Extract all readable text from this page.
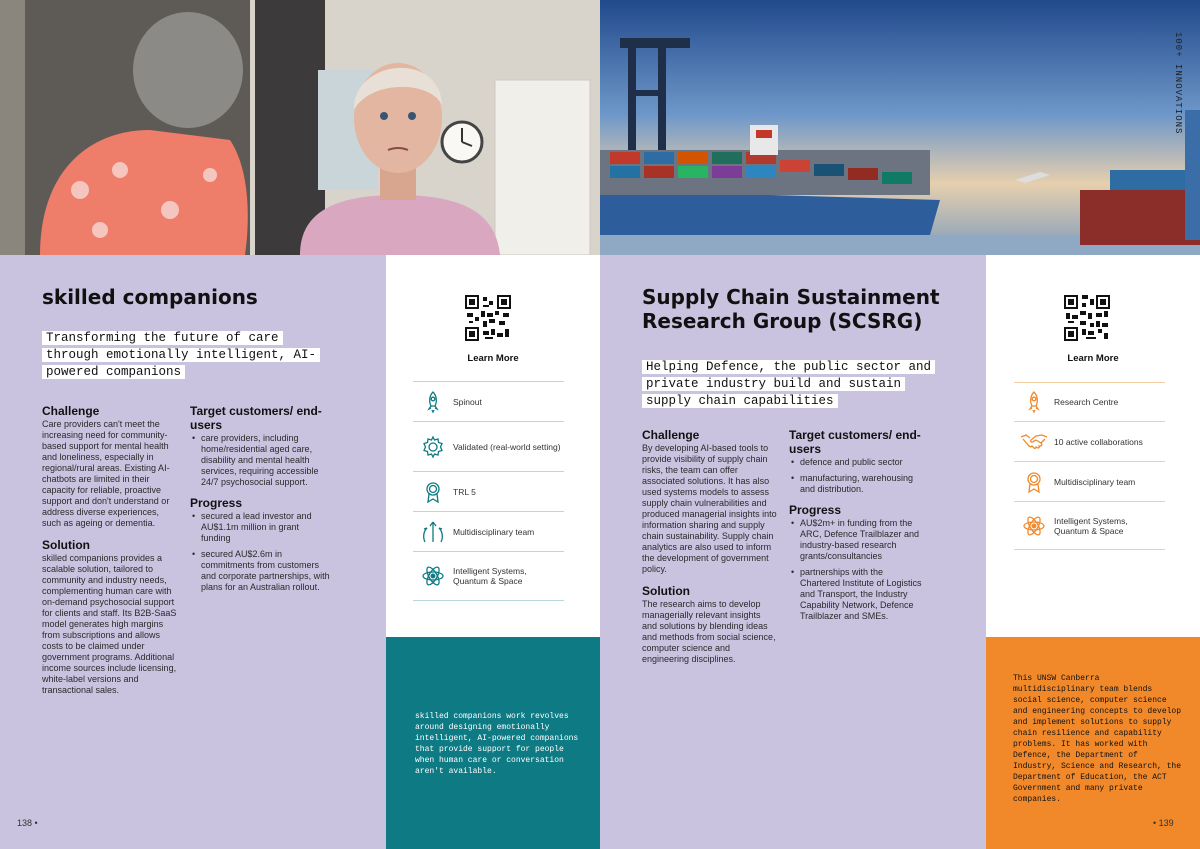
100+ INNOVATIONS
skilled companions
Transforming the future of care through emotionally intelligent, AI-powered companions
Challenge

Care providers can't meet the increasing need for community-based support for mental health and loneliness, especially in regional/rural areas. Existing AI-chatbots are limited in their capacity for reliable, proactive support and don't understand or address diverse experiences, such as ageing or dementia.

Solution

skilled companions provides a scalable solution, tailored to community and industry needs, complementing human care with on-demand psychosocial support for clients and staff. Its B2B-SaaS model generates high margins from subscriptions and allows costs to be claimed under government programs. Additional income sources include licensing, white-label versions and transactional sales.

Target customers/ end-users
• care providers, including home/residential aged care, disability and mental health services, requiring accessible 24/7 psychosocial support.
Progress
• secured a lead investor and AU$1.1m million in grant funding
• secured AU$2.6m in commitments from customers and corporate partnerships, with plans for an Australian rollout.
138 •
Learn More
Spinout
Validated (real-world setting)
TRL 5
Multidisciplinary team
Intelligent Systems, Quantum & Space
skilled companions work revolves around designing emotionally intelligent, AI-powered companions that provide support for people when human care or conversation aren't available.
Supply Chain Sustainment Research Group (SCSRG)
Helping Defence, the public sector and private industry build and sustain supply chain capabilities
Challenge

By developing AI-based tools to provide visibility of supply chain risks, the team can offer associated solutions. It has also used systems models to assess supply chain vulnerabilities and produced managerial insights into information sharing and supply chain sustainability. Supply chain analytics are also used to inform the development of government policy.

Solution

The research aims to develop managerially relevant insights and solutions by blending ideas and methods from social science, computer science and engineering disciplines.

Target customers/ end-users
• defence and public sector
• manufacturing, warehousing and distribution.
Progress
• AU$2m+ in funding from the ARC, Defence Trailblazer and industry-based research grants/consultancies
• partnerships with the Chartered Institute of Logistics and Transport, the Industry Capability Network, Defence Trailblazer and SMEs.
Learn More
Research Centre
10 active collaborations
Multidisciplinary team
Intelligent Systems, Quantum & Space
This UNSW Canberra multidisciplinary team blends social science, computer science and engineering concepts to develop and implement solutions to supply chain resilience and capability problems. It has worked with Defence, the Department of Industry, Science and Research, the Department of Education, the ACT Government and many private companies.
• 139
